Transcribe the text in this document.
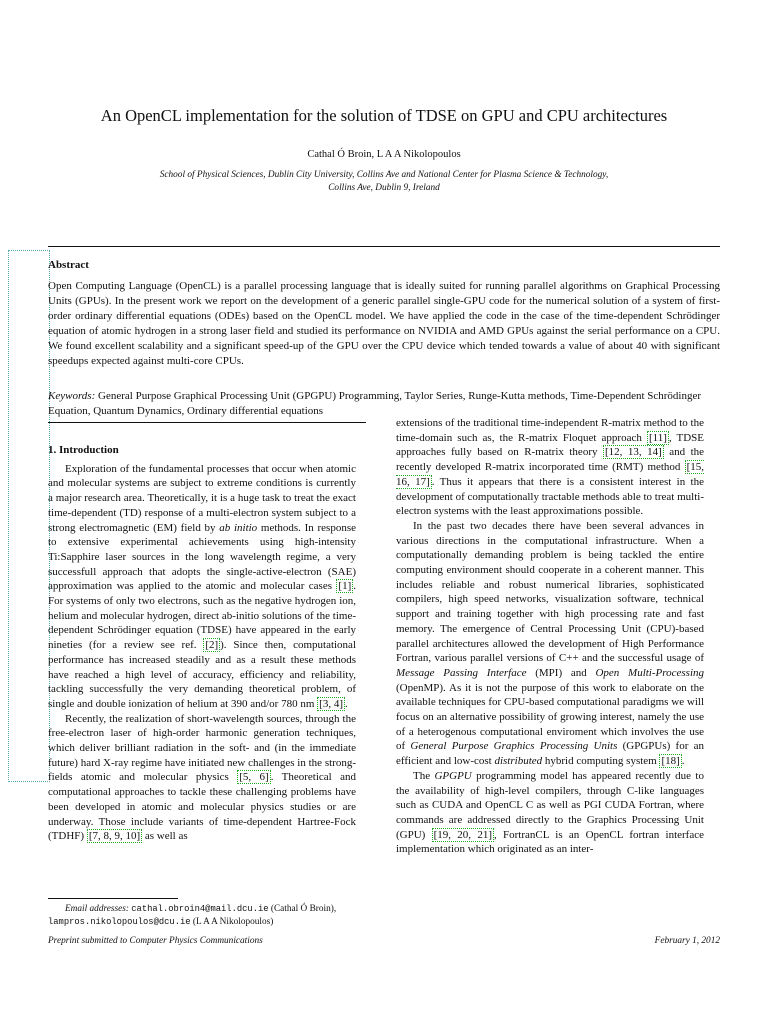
An OpenCL implementation for the solution of TDSE on GPU and CPU architectures
Cathal Ó Broin, L A A Nikolopoulos
School of Physical Sciences, Dublin City University, Collins Ave and National Center for Plasma Science & Technology,
Collins Ave, Dublin 9, Ireland
Abstract
Open Computing Language (OpenCL) is a parallel processing language that is ideally suited for running parallel algorithms on Graphical Processing Units (GPUs). In the present work we report on the development of a generic parallel single-GPU code for the numerical solution of a system of first-order ordinary differential equations (ODEs) based on the OpenCL model. We have applied the code in the case of the time-dependent Schrödinger equation of atomic hydrogen in a strong laser field and studied its performance on NVIDIA and AMD GPUs against the serial performance on a CPU. We found excellent scalability and a significant speed-up of the GPU over the CPU device which tended towards a value of about 40 with significant speedups expected against multi-core CPUs.
Keywords: General Purpose Graphical Processing Unit (GPGPU) Programming, Taylor Series, Runge-Kutta methods, Time-Dependent Schrödinger Equation, Quantum Dynamics, Ordinary differential equations
1. Introduction

Exploration of the fundamental processes that occur when atomic and molecular systems are subject to extreme conditions is currently a major research area. Theoretically, it is a huge task to treat the exact time-dependent (TD) response of a multi-electron system subject to a strong electromagnetic (EM) field by ab initio methods. In response to extensive experimental achievements using high-intensity Ti:Sapphire laser sources in the long wavelength regime, a very successfull approach that adopts the single-active-electron (SAE) approximation was applied to the atomic and molecular cases [1] . For systems of only two electrons, such as the negative hydrogen ion, helium and molecular hydrogen, direct ab-initio solutions of the time-dependent Schrödinger equation (TDSE) have appeared in the early nineties (for a review see ref. [2] ). Since then, computational performance has increased steadily and as a result these methods have reached a high level of accuracy, efficiency and reliability, tackling successfully the very demanding theoretical problem, of single and double ionization of helium at 390 and/or 780 nm [3, 4] .

Recently, the realization of short-wavelength sources, through the free-electron laser of high-order harmonic generation techniques, which deliver brilliant radiation in the soft- and (in the immediate future) hard X-ray regime have initiated new challenges in the strong-fields atomic and molecular physics [5, 6] . Theoretical and computational approaches to tackle these challenging problems have been developed in atomic and molecular physics studies or are underway. Those include variants of time-dependent Hartree-Fock (TDHF) [7, 8, 9, 10] as well as

extensions of the traditional time-independent R-matrix method to the time-domain such as, the R-matrix Floquet approach [11] , TDSE approaches fully based on R-matrix theory [12, 13, 14] and the recently developed R-matrix incorporated time (RMT) method [15, 16, 17] . Thus it appears that there is a consistent interest in the development of computationally tractable methods able to treat multi-electron systems with the least approximations possible.

In the past two decades there have been several advances in various directions in the computational infrastructure. When a computationally demanding problem is being tackled the entire computing environment should cooperate in a coherent manner. This includes reliable and robust numerical libraries, sophisticated compilers, high speed networks, visualization software, technical support and training together with high processing rate and fast memory. The emergence of Central Processing Unit (CPU)-based parallel architectures allowed the development of High Performance Fortran, various parallel versions of C++ and the successful usage of Message Passing Interface (MPI) and Open Multi-Processing (OpenMP). As it is not the purpose of this work to elaborate on the available techniques for CPU-based computational paradigms we will focus on an alternative possibility of growing interest, namely the use of a heterogenous computational enviroment which involves the use of General Purpose Graphics Processing Units (GPGPUs) for an efficient and low-cost distributed hybrid computing system [18] .

The GPGPU programming model has appeared recently due to the availability of high-level compilers, through C-like languages such as CUDA and OpenCL C as well as PGI CUDA Fortran, where commands are addressed directly to the Graphics Processing Unit (GPU) [19, 20, 21] , FortranCL is an OpenCL fortran interface implementation which originated as an inter-

Email addresses: cathal.obroin4@mail.dcu.ie (Cathal Ó Broin),
lampros.nikolopoulos@dcu.ie (L A A Nikolopoulos)
Preprint submitted to Computer Physics Communications	February 1, 2012
